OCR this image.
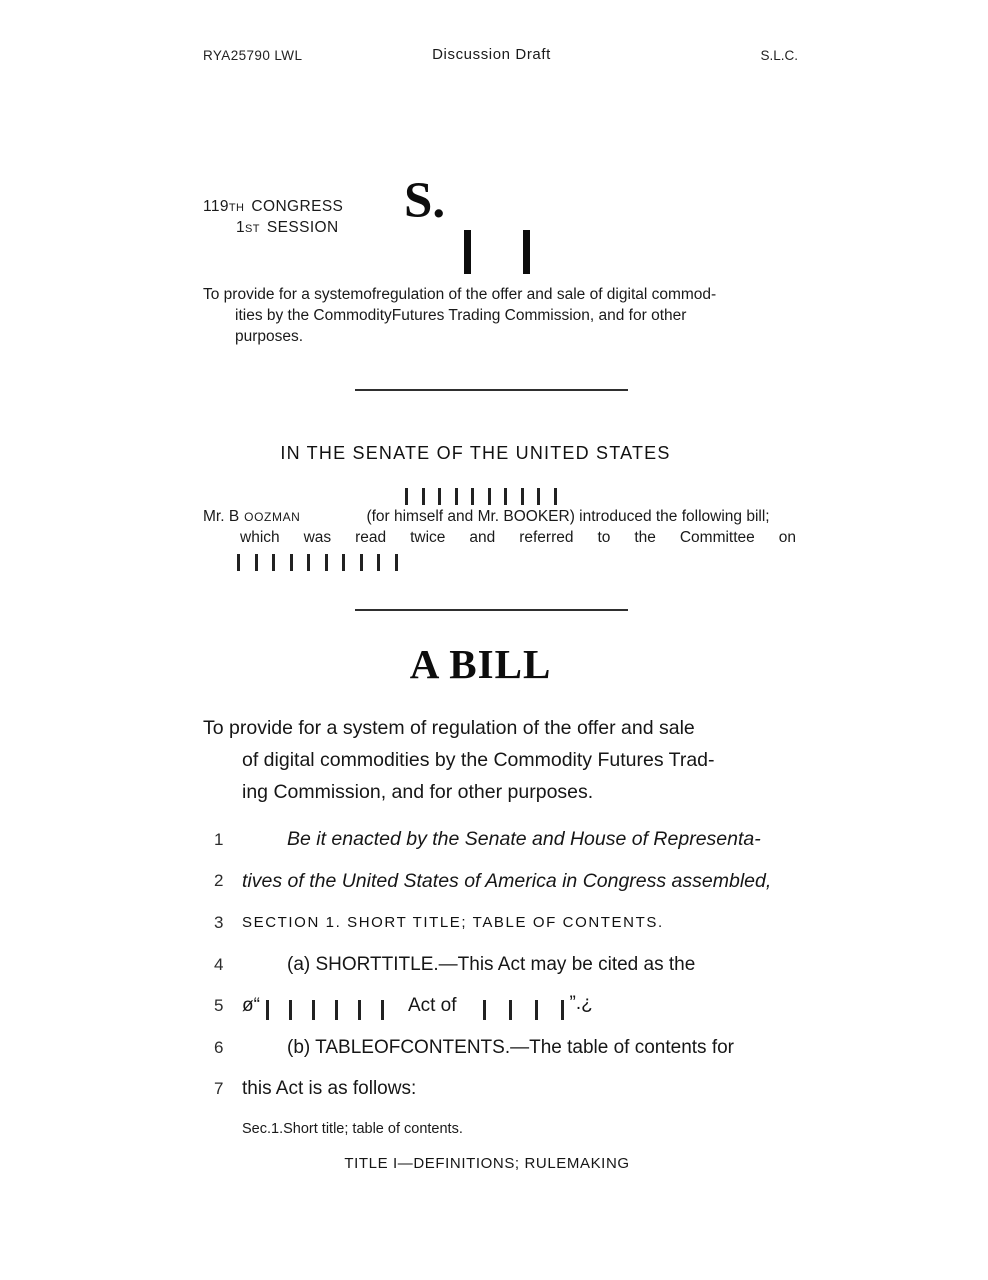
RYA25790 LWL	Discussion Draft	S.L.C.
119TH CONGRESS
1ST SESSION S.
To provide for a systemofregulation of the offer and sale of digital commod-
ities by the CommodityFutures Trading Commission, and for other
purposes.
IN THE SENATE OF THE UNITED STATES
Mr. B OOZMAN	(for himself and Mr. BOOKER) introduced the following bill;
which was read twice and referred to the Committee on
A BILL
To provide for a system of regulation of the offer and sale
of digital commodities by the Commodity Futures Trad-
ing Commission, and for other purposes.
1	Be it enacted by the Senate and House of Representa-
2 tives of the United States of America in Congress assembled,
3	SECTION 1. SHORT TITLE; TABLE OF CONTENTS.
4	(a) SHORTTITLE.—This Act may be cited as the
5 ø“	Act of	”.¿
6	(b) TABLEOFCONTENTS.—The table of contents for
7 this Act is as follows:
Sec.1.Short title; table of contents.
TITLE I—DEFINITIONS; RULEMAKING
